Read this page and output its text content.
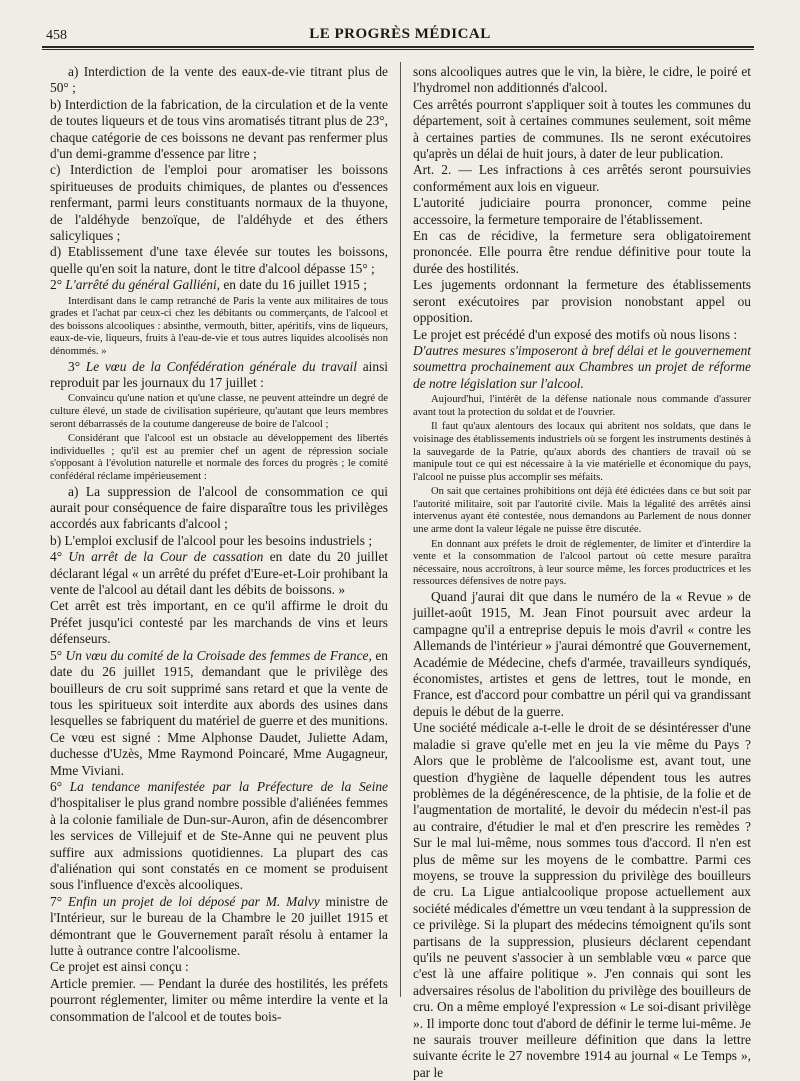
458	LE PROGRÈS MÉDICAL

a) Interdiction de la vente des eaux-de-vie titrant plus de 50° ;

b) Interdiction de la fabrication, de la circulation et de la vente de toutes liqueurs et de tous vins aromatisés titrant plus de 23°, chaque catégorie de ces boissons ne devant pas renfermer plus d'un demi-gramme d'essence par litre ;

c) Interdiction de l'emploi pour aromatiser les boissons spiritueuses de produits chimiques, de plantes ou d'essences renfermant, parmi leurs constituants normaux de la thuyone, de l'aldéhyde benzoïque, de l'aldéhyde et des éthers salicyliques ;

d) Etablissement d'une taxe élevée sur toutes les boissons, quelle qu'en soit la nature, dont le titre d'alcool dépasse 15° ;

2° L'arrêté du général Galliéni, en date du 16 juillet 1915 ;

Interdisant dans le camp retranché de Paris la vente aux militaires de tous grades et l'achat par ceux-ci chez les débitants ou commerçants, de l'alcool et des boissons alcooliques : absinthe, vermouth, bitter, apéritifs, vins de liqueurs, eaux-de-vie, liqueurs, fruits à l'eau-de-vie et tous autres liquides alcoolisés non dénommés. »

3° Le vœu de la Confédération générale du travail ainsi reproduit par les journaux du 17 juillet :

Convaincu qu'une nation et qu'une classe, ne peuvent atteindre un degré de culture élevé, un stade de civilisation supérieure, qu'autant que leurs membres seront débarrassés de la coutume dangereuse de boire de l'alcool ;

Considérant que l'alcool est un obstacle au développement des libertés individuelles ; qu'il est au premier chef un agent de répression sociale s'opposant à l'évolution naturelle et normale des forces du progrès ; le comité confédéral réclame impérieusement :

a) La suppression de l'alcool de consommation ce qui aurait pour conséquence de faire disparaître tous les privilèges accordés aux fabricants d'alcool ;

b) L'emploi exclusif de l'alcool pour les besoins industriels ;

4° Un arrêt de la Cour de cassation en date du 20 juillet déclarant légal « un arrêté du préfet d'Eure-et-Loir prohibant la vente de l'alcool au détail dant les débits de boissons. »

Cet arrêt est très important, en ce qu'il affirme le droit du Préfet jusqu'ici contesté par les marchands de vins et leurs défenseurs.

5° Un vœu du comité de la Croisade des femmes de France, en date du 26 juillet 1915, demandant que le privilège des bouilleurs de cru soit supprimé sans retard et que la vente de tous les spiritueux soit interdite aux abords des usines dans lesquelles se fabriquent du matériel de guerre et des munitions. Ce vœu est signé : Mme Alphonse Daudet, Juliette Adam, duchesse d'Uzès, Mme Raymond Poincaré, Mme Augagneur, Mme Viviani.

6° La tendance manifestée par la Préfecture de la Seine d'hospitaliser le plus grand nombre possible d'aliénées femmes à la colonie familiale de Dun-sur-Auron, afin de désencombrer les services de Villejuif et de Ste-Anne qui ne peuvent plus suffire aux admissions quotidiennes. La plupart des cas d'aliénation qui sont constatés en ce moment se produisent sous l'influence d'excès alcooliques.

7° Enfin un projet de loi déposé par M. Malvy ministre de l'Intérieur, sur le bureau de la Chambre le 20 juillet 1915 et démontrant que le Gouvernement paraît résolu à entamer la lutte à outrance contre l'alcoolisme.

Ce projet est ainsi conçu :

Article premier. — Pendant la durée des hostilités, les préfets pourront réglementer, limiter ou même interdire la vente et la consommation de l'alcool et de toutes bois-

sons alcooliques autres que le vin, la bière, le cidre, le poiré et l'hydromel non additionnés d'alcool.

Ces arrêtés pourront s'appliquer soit à toutes les communes du département, soit à certaines communes seulement, soit même à certaines parties de communes. Ils ne seront exécutoires qu'après un délai de huit jours, à dater de leur publication.

Art. 2. — Les infractions à ces arrêtés seront poursuivies conformément aux lois en vigueur.

L'autorité judiciaire pourra prononcer, comme peine accessoire, la fermeture temporaire de l'établissement.

En cas de récidive, la fermeture sera obligatoirement prononcée. Elle pourra être rendue définitive pour toute la durée des hostilités.

Les jugements ordonnant la fermeture des établissements seront exécutoires par provision nonobstant appel ou opposition.

Le projet est précédé d'un exposé des motifs où nous lisons :

D'autres mesures s'imposeront à bref délai et le gouvernement soumettra prochainement aux Chambres un projet de réforme de notre législation sur l'alcool.

Aujourd'hui, l'intérêt de la défense nationale nous commande d'assurer avant tout la protection du soldat et de l'ouvrier.

Il faut qu'aux alentours des locaux qui abritent nos soldats, que dans le voisinage des établissements industriels où se forgent les instruments destinés à la sauvegarde de la Patrie, qu'aux abords des chantiers de travail où se manipule tout ce qui est nécessaire à la vie matérielle et économique du pays, l'alcool ne puisse plus accomplir ses méfaits.

On sait que certaines prohibitions ont déjà été édictées dans ce but soit par l'autorité militaire, soit par l'autorité civile. Mais la légalité des arrêtés ainsi intervenus ayant été contestée, nous demandons au Parlement de nous donner une arme dont la valeur légale ne puisse être discutée.

En donnant aux préfets le droit de réglementer, de limiter et d'interdire la vente et la consommation de l'alcool partout où cette mesure paraîtra nécessaire, nous accroîtrons, à leur source même, les forces productrices et les ressources défensives de notre pays.

Quand j'aurai dit que dans le numéro de la « Revue » de juillet-août 1915, M. Jean Finot poursuit avec ardeur la campagne qu'il a entreprise depuis le mois d'avril « contre les Allemands de l'intérieur » j'aurai démontré que Gouvernement, Académie de Médecine, chefs d'armée, travailleurs syndiqués, économistes, artistes et gens de lettres, tout le monde, en France, est d'accord pour combattre un péril qui va grandissant depuis le début de la guerre.

Une société médicale a-t-elle le droit de se désintéresser d'une maladie si grave qu'elle met en jeu la vie même du Pays ? Alors que le problème de l'alcoolisme est, avant tout, une question d'hygiène de laquelle dépendent tous les autres problèmes de la dégénérescence, de la phtisie, de la folie et de l'augmentation de mortalité, le devoir du médecin n'est-il pas au contraire, d'étudier le mal et d'en prescrire les remèdes ? Sur le mal lui-même, nous sommes tous d'accord. Il n'en est plus de même sur les moyens de le combattre. Parmi ces moyens, se trouve la suppression du privilège des bouilleurs de cru. La Ligue antialcoolique propose actuellement aux société médicales d'émettre un vœu tendant à la suppression de ce privilège. Si la plupart des médecins témoignent qu'ils sont partisans de la suppression, plusieurs déclarent cependant qu'ils ne peuvent s'associer à un semblable vœu « parce que c'est là une affaire politique ». J'en connais qui sont les adversaires résolus de l'abolition du privilège des bouilleurs de cru. On a même employé l'expression « Le soi-disant privilège ». Il importe donc tout d'abord de définir le terme lui-même. Je ne saurais trouver meilleure définition que dans la lettre suivante écrite le 27 novembre 1914 au journal « Le Temps », par le
